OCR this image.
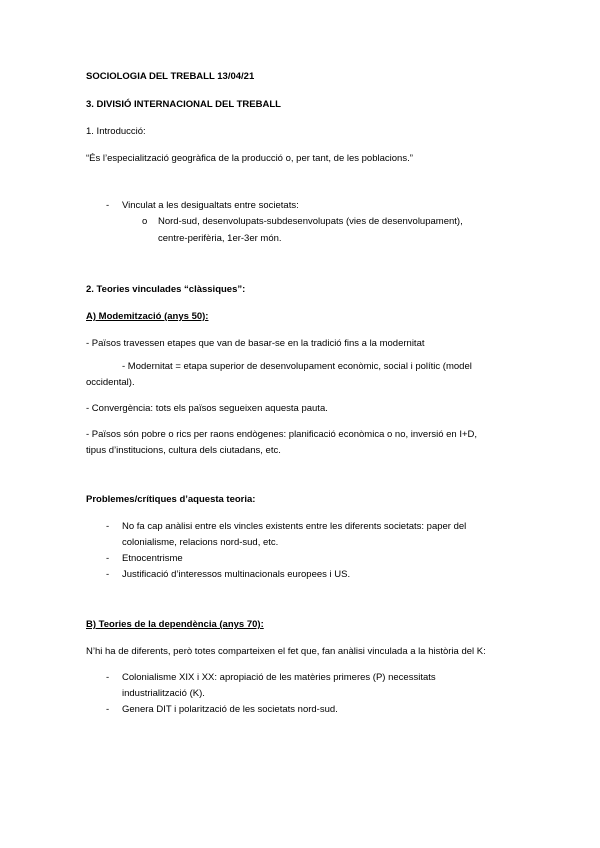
SOCIOLOGIA DEL TREBALL 13/04/21
3. DIVISIÓ INTERNACIONAL DEL TREBALL
1. Introducció:
“És l’especialització geogràfica de la producció o, per tant, de les poblacions.”
- Vinculat a les desigualtats entre societats:
o Nord-sud, desenvolupats-subdesenvolupats (vies de desenvolupament),
centre-perifèria, 1er-3er món.
2. Teories vinculades “clàssiques”:
A) Modemització (anys 50):
- Països travessen etapes que van de basar-se en la tradició fins a la modernitat
- Modernitat = etapa superior de desenvolupament econòmic, social i polític (model
occidental).
- Convergència: tots els països segueixen aquesta pauta.
- Països són pobre o rics per raons endògenes: planificació econòmica o no, inversió en I+D,
tipus d’institucions, cultura dels ciutadans, etc.
Problemes/crítiques d’aquesta teoria:
- No fa cap anàlisi entre els vincles existents entre les diferents societats: paper del
colonialisme, relacions nord-sud, etc.
- Etnocentrisme
- Justificació d’interessos multinacionals europees i US.
B) Teories de la dependència (anys 70):
N’hi ha de diferents, però totes comparteixen el fet que, fan anàlisi vinculada a la història del K:
- Colonialisme XIX i XX: apropiació de les matèries primeres (P) necessitats
industrialització (K).
- Genera DIT i polarització de les societats nord-sud.
